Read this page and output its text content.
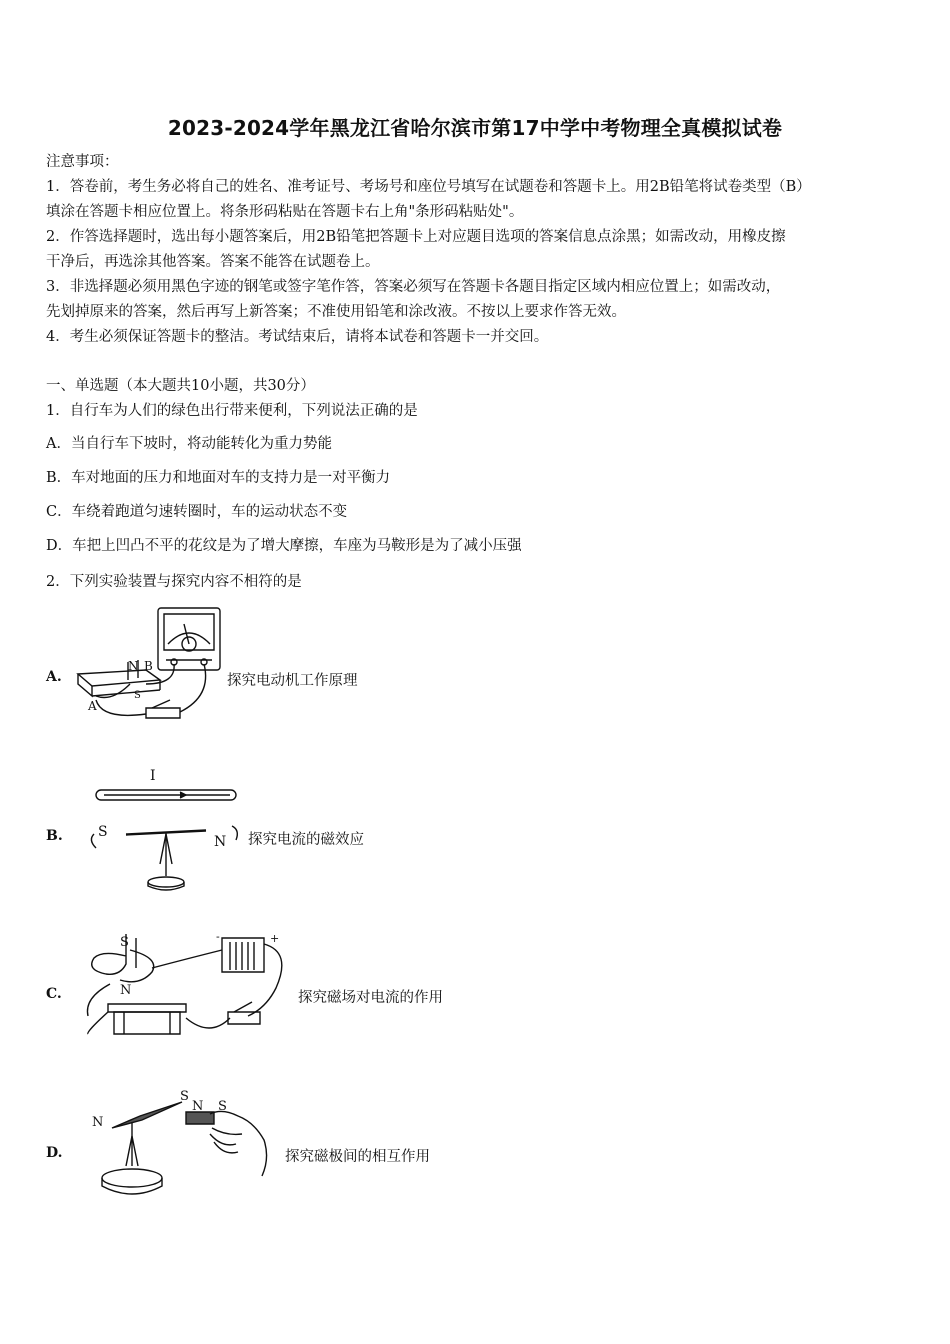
2023-2024学年黑龙江省哈尔滨市第17中学中考物理全真模拟试卷
注意事项：
1．答卷前，考生务必将自己的姓名、准考证号、考场号和座位号填写在试题卷和答题卡上。用2B铅笔将试卷类型（B）
填涂在答题卡相应位置上。将条形码粘贴在答题卡右上角"条形码粘贴处"。
2．作答选择题时，选出每小题答案后，用2B铅笔把答题卡上对应题目选项的答案信息点涂黑；如需改动，用橡皮擦
干净后，再选涂其他答案。答案不能答在试题卷上。
3．非选择题必须用黑色字迹的钢笔或签字笔作答，答案必须写在答题卡各题目指定区域内相应位置上；如需改动，
先划掉原来的答案，然后再写上新答案；不准使用铅笔和涂改液。不按以上要求作答无效。
4．考生必须保证答题卡的整洁。考试结束后，请将本试卷和答题卡一并交回。
一、单选题（本大题共10小题，共30分）
1．自行车为人们的绿色出行带来便利，下列说法正确的是
A．当自行车下坡时，将动能转化为重力势能
B．车对地面的压力和地面对车的支持力是一对平衡力
C．车绕着跑道匀速转圈时，车的运动状态不变
D．车把上凹凸不平的花纹是为了增大摩擦，车座为马鞍形是为了减小压强
2．下列实验装置与探究内容不相符的是
A.
N B
A
S
探究电动机工作原理
B.
I
S
N 探究电流的磁效应
C.
S
N
-	+
探究磁场对电流的作用
D.
N
S
N S
探究磁极间的相互作用
